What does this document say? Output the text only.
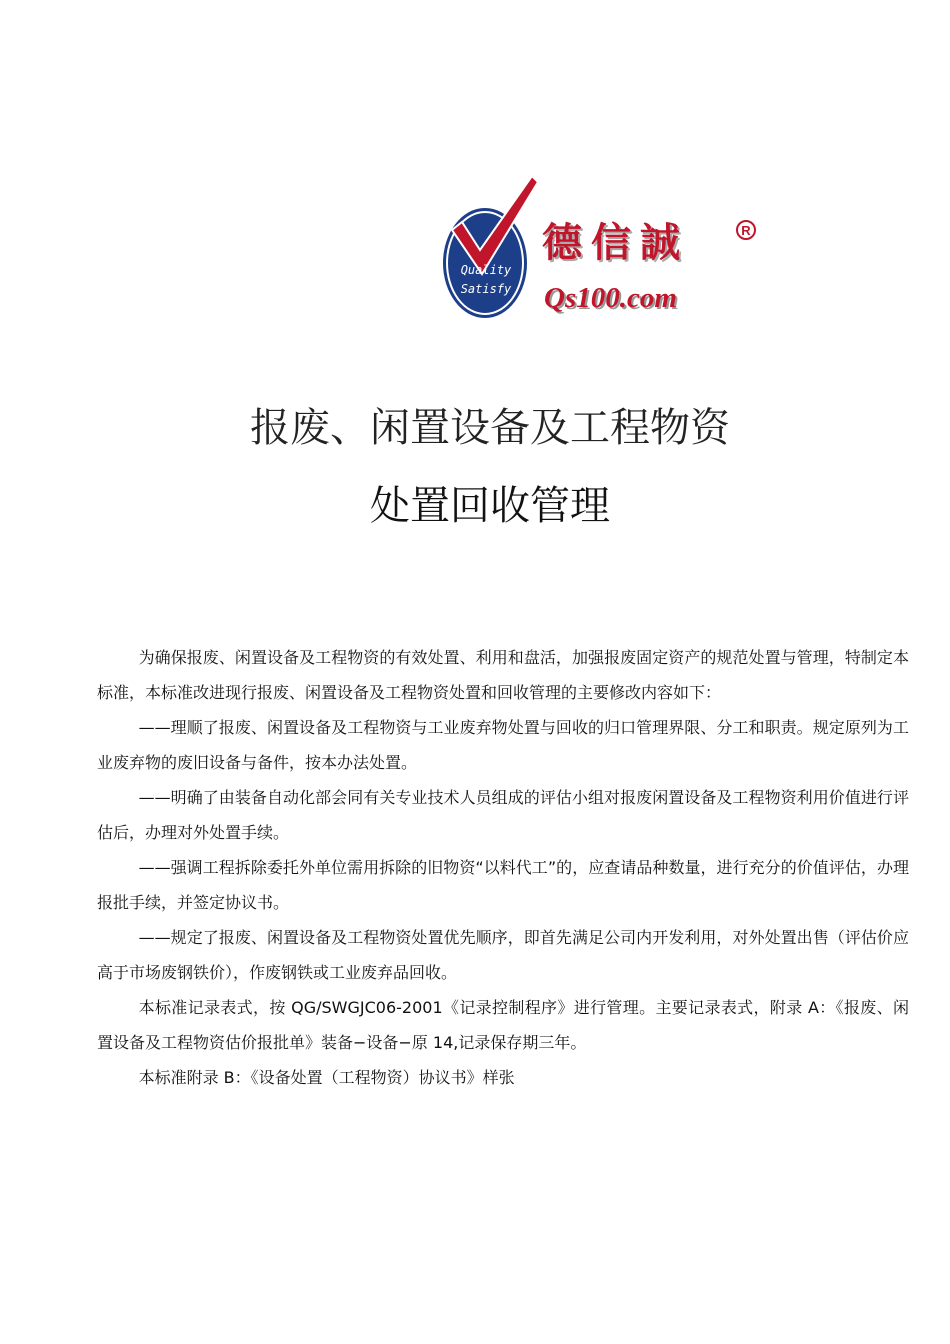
Quality
Satisfy
德信誠	R
Qs100.com
报废、闲置设备及工程物资
处置回收管理

为确保报废、闲置设备及工程物资的有效处置、利用和盘活，加强报废固定资产的规范处置与管理，特制定本标准，本标准改进现行报废、闲置设备及工程物资处置和回收管理的主要修改内容如下：

——理顺了报废、闲置设备及工程物资与工业废弃物处置与回收的归口管理界限、分工和职责。规定原列为工业废弃物的废旧设备与备件，按本办法处置。

——明确了由装备自动化部会同有关专业技术人员组成的评估小组对报废闲置设备及工程物资利用价值进行评估后，办理对外处置手续。

——强调工程拆除委托外单位需用拆除的旧物资“以料代工”的，应查请品种数量，进行充分的价值评估，办理报批手续，并签定协议书。

——规定了报废、闲置设备及工程物资处置优先顺序，即首先满足公司内开发利用，对外处置出售（评估价应高于市场废钢铁价），作废钢铁或工业废弃品回收。

本标准记录表式，按 QG/SWGJC06-2001《记录控制程序》进行管理。主要记录表式，附录 A：《报废、闲置设备及工程物资估价报批单》装备−设备−原 14,记录保存期三年。

本标准附录 B：《设备处置（工程物资）协议书》样张
